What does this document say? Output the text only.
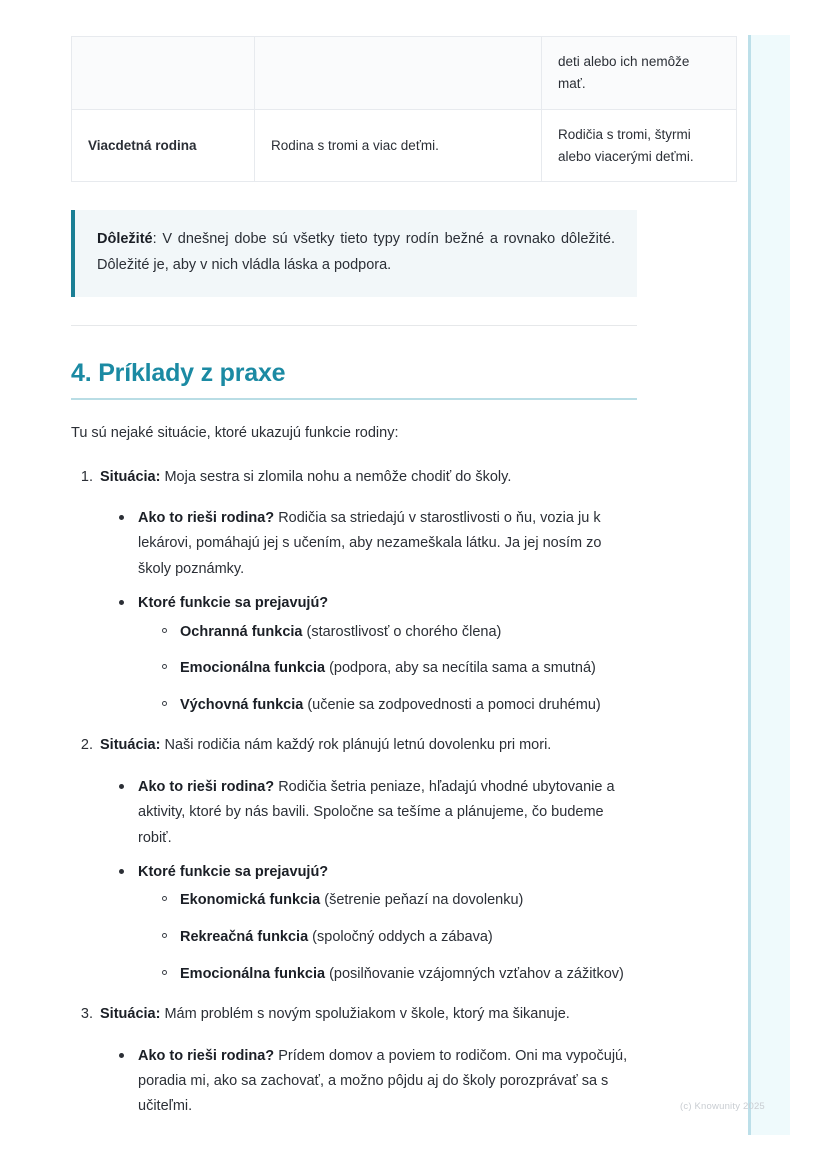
		deti alebo ich nemôže mať.
Viacdetná rodina	Rodina s tromi a viac deťmi.	Rodičia s tromi, štyrmi alebo viacerými deťmi.

Dôležité: V dnešnej dobe sú všetky tieto typy rodín bežné a rovnako dôležité. Dôležité je, aby v nich vládla láska a podpora.

4. Príklady z praxe

Tu sú nejaké situácie, ktoré ukazujú funkcie rodiny:

1. Situácia: Moja sestra si zlomila nohu a nemôže chodiť do školy.
Ako to rieši rodina? Rodičia sa striedajú v starostlivosti o ňu, vozia ju k lekárovi, pomáhajú jej s učením, aby nezameškala látku. Ja jej nosím zo školy poznámky.
Ktoré funkcie sa prejavujú?
Ochranná funkcia (starostlivosť o chorého člena)
Emocionálna funkcia (podpora, aby sa necítila sama a smutná)
Výchovná funkcia (učenie sa zodpovednosti a pomoci druhému)
2. Situácia: Naši rodičia nám každý rok plánujú letnú dovolenku pri mori.
Ako to rieši rodina? Rodičia šetria peniaze, hľadajú vhodné ubytovanie a aktivity, ktoré by nás bavili. Spoločne sa tešíme a plánujeme, čo budeme robiť.
Ktoré funkcie sa prejavujú?
Ekonomická funkcia (šetrenie peňazí na dovolenku)
Rekreačná funkcia (spoločný oddych a zábava)
Emocionálna funkcia (posilňovanie vzájomných vzťahov a zážitkov)
3. Situácia: Mám problém s novým spolužiakom v škole, ktorý ma šikanuje.
Ako to rieši rodina? Prídem domov a poviem to rodičom. Oni ma vypočujú, poradia mi, ako sa zachovať, a možno pôjdu aj do školy porozprávať sa s učiteľmi.	(c) Knowunity 2025
